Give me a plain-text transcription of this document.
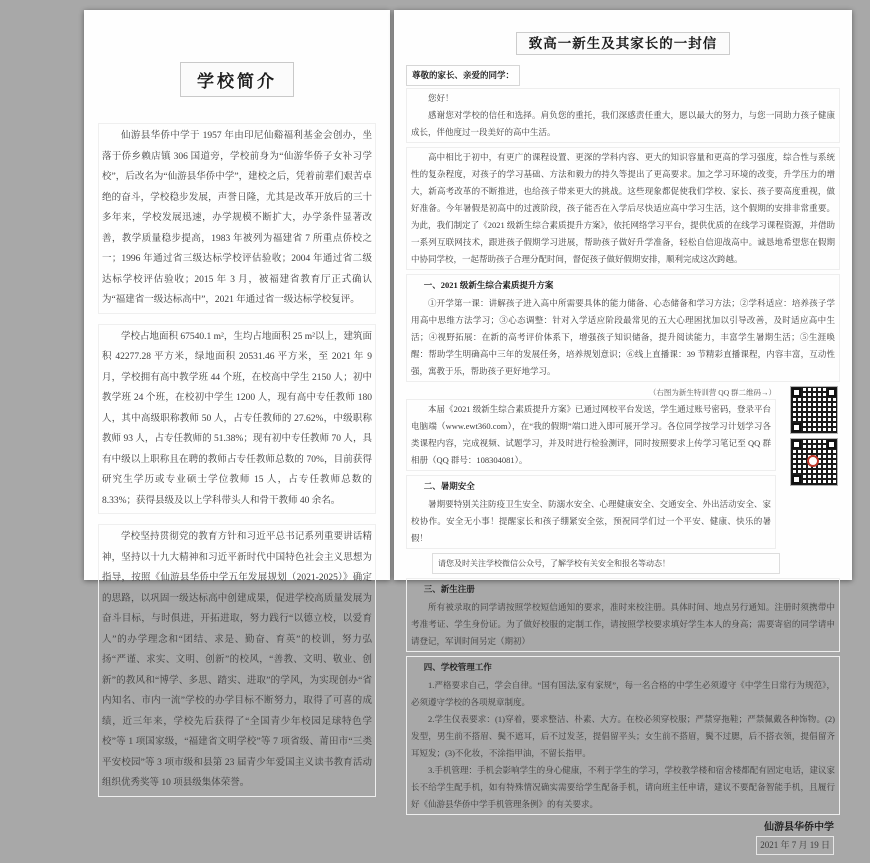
学校简介

仙游县华侨中学于 1957 年由印尼仙谿福利基金会创办，坐落于侨乡赖店镇 306 国道旁，学校前身为“仙游华侨子女补习学校”，后改名为“仙游县华侨中学”，建校之后，凭着前辈们艰苦卓绝的奋斗，学校稳步发展，声誉日隆，尤其是改革开放后的三十多年来，学校发展迅速，办学规模不断扩大，办学条件显著改善，教学质量稳步提高，1983 年被列为福建省 7 所重点侨校之一；1996 年通过省三级达标学校评估验收；2004 年通过省二级达标学校评估验收；2015 年 3 月，被福建省教育厅正式确认为“福建省一级达标高中”，2021 年通过省一级达标学校复评。

学校占地面积 67540.1 m²，生均占地面积 25 m²以上，建筑面积 42277.28 平方米，绿地面积 20531.46 平方米，至 2021 年 9 月，学校拥有高中教学班 44 个班，在校高中学生 2150 人；初中教学班 24 个班，在校初中学生 1200 人，现有高中专任教师 180 人，其中高级职称教师 50 人，占专任教师的 27.62%，中级职称教师 93 人，占专任教师的 51.38%；现有初中专任教师 70 人，具有中级以上职称且在聘的教师占专任教师总数的 70%，目前获得研究生学历或专业硕士学位教师 15 人，占专任教师总数的 8.33%；获得县级及以上学科带头人和骨干教师 40 余名。

学校坚持贯彻党的教育方针和习近平总书记系列重要讲话精神，坚持以十九大精神和习近平新时代中国特色社会主义思想为指导，按照《仙游县华侨中学五年发展规划（2021-2025）》确定的思路，以巩固一级达标高中创建成果，促进学校高质量发展为奋斗目标，与时俱进，开拓进取，努力践行“以德立校，以爱育人”的办学理念和“团结、求是、勤奋、育英”的校训，努力弘扬“严谨、求实、文明、创新”的校风，“善教、文明、敬业、创新”的教风和“博学、多思、踏实、进取”的学风，为实现创办“省内知名、市内一流”学校的办学目标不断努力，取得了可喜的成绩，近三年来，学校先后获得了“全国青少年校园足球特色学校”等 1 项国家级，“福建省文明学校”等 7 项省级、莆田市“三类平安校园”等 3 项市级和县第 23 届青少年爱国主义读书教育活动组织优秀奖等 10 项县级集体荣誉。

致高一新生及其家长的一封信
尊敬的家长、亲爱的同学：

您好！

感谢您对学校的信任和选择。肩负您的重托，我们深感责任重大，愿以最大的努力，与您一同助力孩子健康成长，伴他度过一段美好的高中生活。

高中相比于初中，有更广的课程设置、更深的学科内容、更大的知识容量和更高的学习强度，综合性与系统性的复杂程度，对孩子的学习基础、方法和毅力的持久等提出了更高要求。加之学习环境的改变，升学压力的增大，新高考改革的不断推进，也给孩子带来更大的挑战。这些现象都促使我们学校、家长、孩子要高度重视，做好准备。今年暑假是初高中的过渡阶段，孩子能否在入学后尽快适应高中学习生活，这个假期的安排非常重要。为此，我们制定了《2021 级新生综合素质提升方案》，依托网络学习平台，提供优质的在线学习课程资源，并借助一系列互联网技术，跟进孩子假期学习进展，帮助孩子做好升学准备，轻松自信迎战高中。诚恳地希望您在假期中协同学校，一起帮助孩子合理分配时间，督促孩子做好假期安排，顺利完成这次跨越。

一、2021 级新生综合素质提升方案

①开学第一课：讲解孩子进入高中所需要具体的能力储备、心态储备和学习方法；②学科适应：培养孩子学用高中思维方法学习；③心态调整：针对入学适应阶段最常见的五大心理困扰加以引导改善，及时适应高中生活；④视野拓展：在新的高考评价体系下，增强孩子知识储备，提升阅读能力，丰富学生暑期生活；⑤生涯唤醒：帮助学生明确高中三年的发展任务，培养规划意识；⑥线上直播课：39 节精彩直播课程，内容丰富，互动性强，寓教于乐，帮助孩子更好地学习。

（右图为新生特训营 QQ 群二维码→）

本届《2021 级新生综合素质提升方案》已通过网校平台发送，学生通过账号密码，登录平台电脑端（www.ewt360.com），在“我的假期”端口进入即可展开学习。各位同学按学习计划学习各类课程内容，完成视频、试题学习，并及时进行检验测评，同时按照要求上传学习笔记至 QQ 群相册（QQ 群号：108304081）。

二、暑期安全

暑期要特别关注防疫卫生安全、防溺水安全、心理健康安全、交通安全、外出活动安全、家校协作。安全无小事！提醒家长和孩子绷紧安全弦，预祝同学们过一个平安、健康、快乐的暑假！

请您及时关注学校微信公众号，了解学校有关安全和报名等动态！
三、新生注册

所有被录取的同学请按照学校短信通知的要求，准时来校注册。具体时间、地点另行通知。注册时须携带中考准考证、学生身份证。为了做好校服的定制工作，请按照学校要求填好学生本人的身高；需要寄宿的同学请申请登记，军训时间另定（期初）

四、学校管理工作

1.严格要求自己，学会自律。“国有国法,家有家规”，每一名合格的中学生必须遵守《中学生日常行为规范》，必须遵守学校的各项规章制度。

2.学生仪表要求：(1)穿着，要求整洁、朴素、大方。在校必须穿校服；严禁穿拖鞋；严禁佩戴各种饰物。(2)发型，男生前不搭眉、鬓不遮耳，后不过发茎，提倡留平头；女生前不搭眉，鬓不过腮，后不搭衣领，提倡留齐耳短发；(3)不化妆，不涂指甲油，不留长指甲。

3.手机管理：手机会影响学生的身心健康，不利于学生的学习，学校教学楼和宿舍楼都配有固定电话，建议家长不给学生配手机，如有特殊情况确实需要给学生配备手机，请向班主任申请，建议不要配备智能手机，且履行好《仙游县华侨中学手机管理条例》的有关要求。

仙游县华侨中学
2021 年 7 月 19 日
